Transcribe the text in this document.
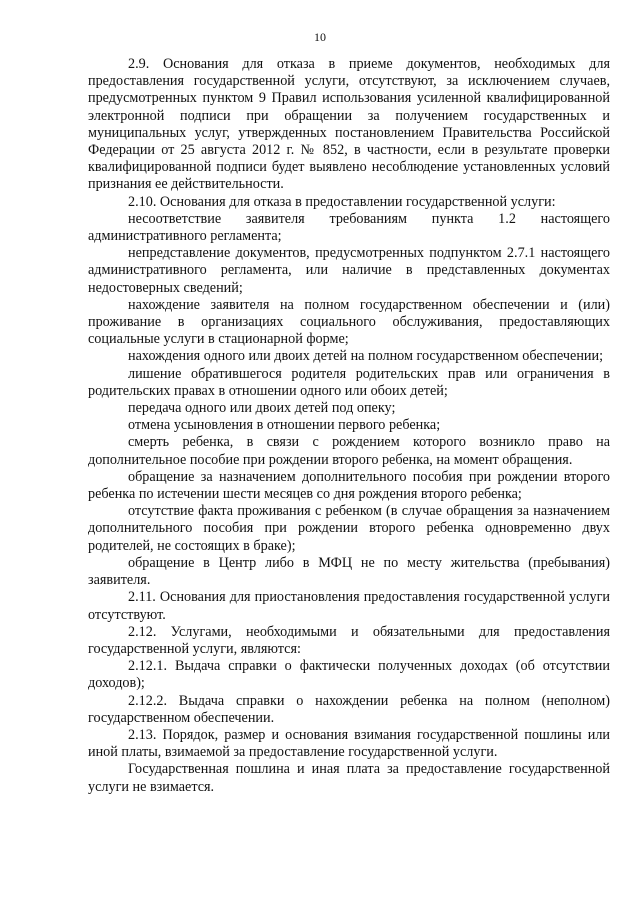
10

2.9. Основания для отказа в приеме документов, необходимых для предоставления государственной услуги, отсутствуют, за исключением случаев, предусмотренных пунктом 9 Правил использования усиленной квалифицированной электронной подписи при обращении за получением государственных и муниципальных услуг, утвержденных постановлением Правительства Российской Федерации от 25 августа 2012 г. № 852, в частности, если в результате проверки квалифицированной подписи будет выявлено несоблюдение установленных условий признания ее действительности.

2.10. Основания для отказа в предоставлении государственной услуги:

несоответствие заявителя требованиям пункта 1.2 настоящего административного регламента;

непредставление документов, предусмотренных подпунктом 2.7.1 настоящего административного регламента, или наличие в представленных документах недостоверных сведений;

нахождение заявителя на полном государственном обеспечении и (или) проживание в организациях социального обслуживания, предоставляющих социальные услуги в стационарной форме;

нахождения одного или двоих детей на полном государственном обеспечении;

лишение обратившегося родителя родительских прав или ограничения в родительских правах в отношении одного или обоих детей;

передача одного или двоих детей под опеку;

отмена усыновления в отношении первого ребенка;

смерть ребенка, в связи с рождением которого возникло право на дополнительное пособие при рождении второго ребенка, на момент обращения.

обращение за назначением дополнительного пособия при рождении второго ребенка по истечении шести месяцев со дня рождения второго ребенка;

отсутствие факта проживания с ребенком (в случае обращения за назначением дополнительного пособия при рождении второго ребенка одновременно двух родителей, не состоящих в браке);

обращение в Центр либо в МФЦ не по месту жительства (пребывания) заявителя.

2.11. Основания для приостановления предоставления государственной услуги отсутствуют.

2.12. Услугами, необходимыми и обязательными для предоставления государственной услуги, являются:

2.12.1. Выдача справки о фактически полученных доходах (об отсутствии доходов);

2.12.2. Выдача справки о нахождении ребенка на полном (неполном) государственном обеспечении.

2.13. Порядок, размер и основания взимания государственной пошлины или иной платы, взимаемой за предоставление государственной услуги.

Государственная пошлина и иная плата за предоставление государственной услуги не взимается.
